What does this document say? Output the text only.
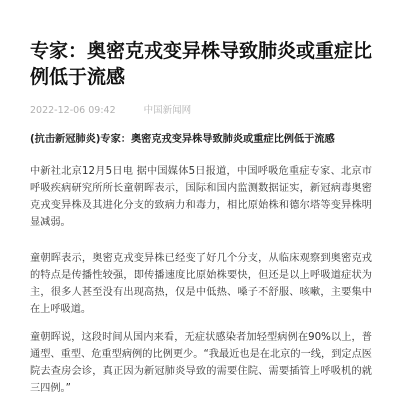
专家：奥密克戎变异株导致肺炎或重症比例低于流感
2022-12-06 09:42	中国新闻网

(抗击新冠肺炎)专家：奥密克戎变异株导致肺炎或重症比例低于流感

中新社北京12月5日电 据中国媒体5日报道，中国呼吸危重症专家、北京市呼吸疾病研究所所长童朝晖表示，国际和国内监测数据证实，新冠病毒奥密克戎变异株及其进化分支的致病力和毒力，相比原始株和德尔塔等变异株明显减弱。

童朝晖表示，奥密克戎变异株已经变了好几个分支，从临床观察到奥密克戎的特点是传播性较强，即传播速度比原始株要快，但还是以上呼吸道症状为主，很多人甚至没有出现高热，仅是中低热、嗓子不舒服、咳嗽，主要集中在上呼吸道。

童朝晖说，这段时间从国内来看，无症状感染者加轻型病例在90%以上，普通型、重型、危重型病例的比例更少。“我最近也是在北京的一线，到定点医院去查房会诊，真正因为新冠肺炎导致的需要住院、需要插管上呼吸机的就三四例。”
